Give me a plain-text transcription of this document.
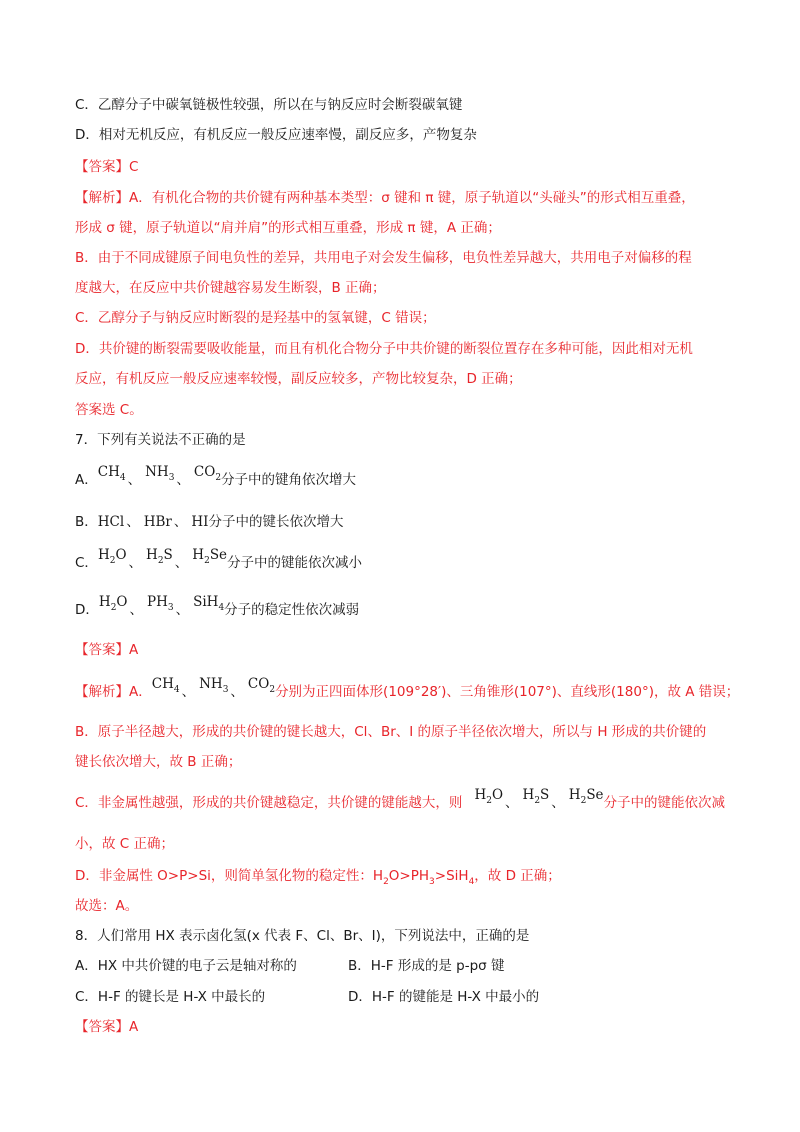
C．乙醇分子中碳氧链极性较强，所以在与钠反应时会断裂碳氧键
D．相对无机反应，有机反应一般反应速率慢，副反应多，产物复杂
【答案】C
【解析】A．有机化合物的共价键有两种基本类型：σ 键和 π 键，原子轨道以“头碰头”的形式相互重叠，
形成 σ 键，原子轨道以“肩并肩”的形式相互重叠，形成 π 键，A 正确；
B．由于不同成键原子间电负性的差异，共用电子对会发生偏移，电负性差异越大，共用电子对偏移的程
度越大，在反应中共价键越容易发生断裂，B 正确；
C．乙醇分子与钠反应时断裂的是羟基中的氢氧键，C 错误；
D．共价键的断裂需要吸收能量，而且有机化合物分子中共价键的断裂位置存在多种可能，因此相对无机
反应，有机反应一般反应速率较慢，副反应较多，产物比较复杂，D 正确；
答案选 C。
7．下列有关说法不正确的是
A．$CH_4$ 、 $NH_3$ 、 $CO_2$分子中的键角依次增大
B．HCl 、 HBr 、 HI分子中的键长依次增大
C．$H_2O$ 、 $H_2S$ 、 $H_2Se$分子中的键能依次减小
D．$H_2O$ 、 $PH_3$ 、 SiH$_4$分子的稳定性依次减弱
【答案】A
【解析】A．$CH_4$ 、 $NH_3$ 、 $CO_2$分别为正四面体形(109°28′)、三角锥形(107°)、直线形(180°)，故 A 错误；
B．原子半径越大，形成的共价键的键长越大，Cl、Br、I 的原子半径依次增大，所以与 H 形成的共价键的
键长依次增大，故 B 正确；
C．非金属性越强，形成的共价键越稳定，共价键的键能越大，则 $H_2O$ 、 $H_2S$ 、 $H_2Se$分子中的键能依次减
小，故 C 正确；
D．非金属性 O>P>Si，则简单氢化物的稳定性：$H_2O>PH_3>SiH_4$，故 D 正确；
故选：A。
8．人们常用 HX 表示卤化氢(x 代表 F、Cl、Br、I)，下列说法中，正确的是
A．HX 中共价键的电子云是轴对称的	B．H-F 形成的是 p-pσ 键
C．H-F 的键长是 H-X 中最长的	D．H-F 的键能是 H-X 中最小的
【答案】A
